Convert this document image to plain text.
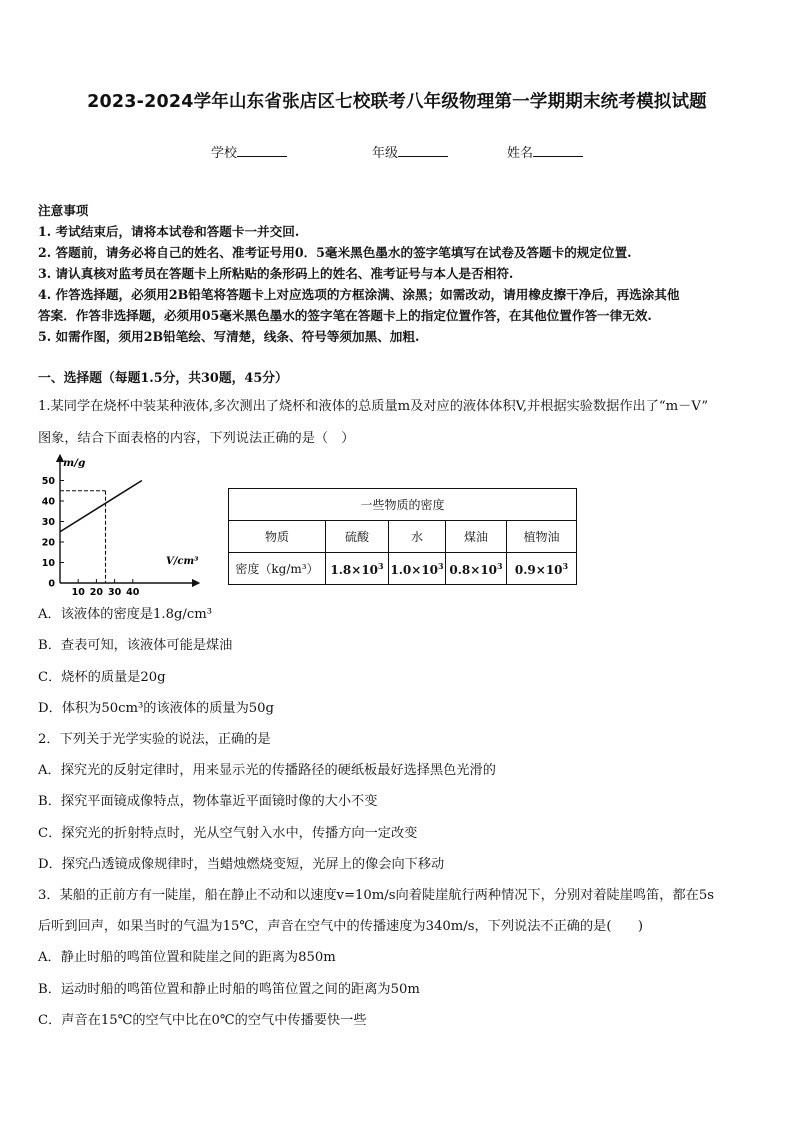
2023-2024学年山东省张店区七校联考八年级物理第一学期期末统考模拟试题
学校	年级	姓名
注意事项
1. 考试结束后，请将本试卷和答题卡一并交回.
2. 答题前，请务必将自己的姓名、准考证号用0．5毫米黑色墨水的签字笔填写在试卷及答题卡的规定位置.
3. 请认真核对监考员在答题卡上所粘贴的条形码上的姓名、准考证号与本人是否相符.
4. 作答选择题，必须用2B铅笔将答题卡上对应选项的方框涂满、涂黑；如需改动，请用橡皮擦干净后，再选涂其他
答案．作答非选择题，必须用05毫米黑色墨水的签字笔在答题卡上的指定位置作答，在其他位置作答一律无效.
5. 如需作图，须用2B铅笔绘、写清楚，线条、符号等须加黑、加粗.
一、选择题（每题1.5分，共30题，45分）
1.某同学在烧杯中装某种液体,多次测出了烧杯和液体的总质量m及对应的液体体积V,并根据实验数据作出了“m－V”
图象，结合下面表格的内容，下列说法正确的是（　）
m/g
V/cm³
0
10
20
30
40
50
10 20 30 40
一些物质的密度				
物质	硫酸	水	煤油	植物油
密度（kg/m³）	$1.8\times 10^3$	$1.0\times 10^3$	$0.8\times 10^3$	$0.9\times 10^3$
A．该液体的密度是1.8g/cm³
B．查表可知，该液体可能是煤油
C．烧杯的质量是20g
D．体积为50cm³的该液体的质量为50g
2．下列关于光学实验的说法，正确的是
A．探究光的反射定律时，用来显示光的传播路径的硬纸板最好选择黑色光滑的
B．探究平面镜成像特点，物体靠近平面镜时像的大小不变
C．探究光的折射特点时，光从空气射入水中，传播方向一定改变
D．探究凸透镜成像规律时，当蜡烛燃烧变短，光屏上的像会向下移动
3．某船的正前方有一陡崖，船在静止不动和以速度v=10m/s向着陡崖航行两种情况下，分别对着陡崖鸣笛，都在5s
后听到回声，如果当时的气温为15℃，声音在空气中的传播速度为340m/s，下列说法不正确的是(　　)
A．静止时船的鸣笛位置和陡崖之间的距离为850m
B．运动时船的鸣笛位置和静止时船的鸣笛位置之间的距离为50m
C．声音在15℃的空气中比在0℃的空气中传播要快一些
